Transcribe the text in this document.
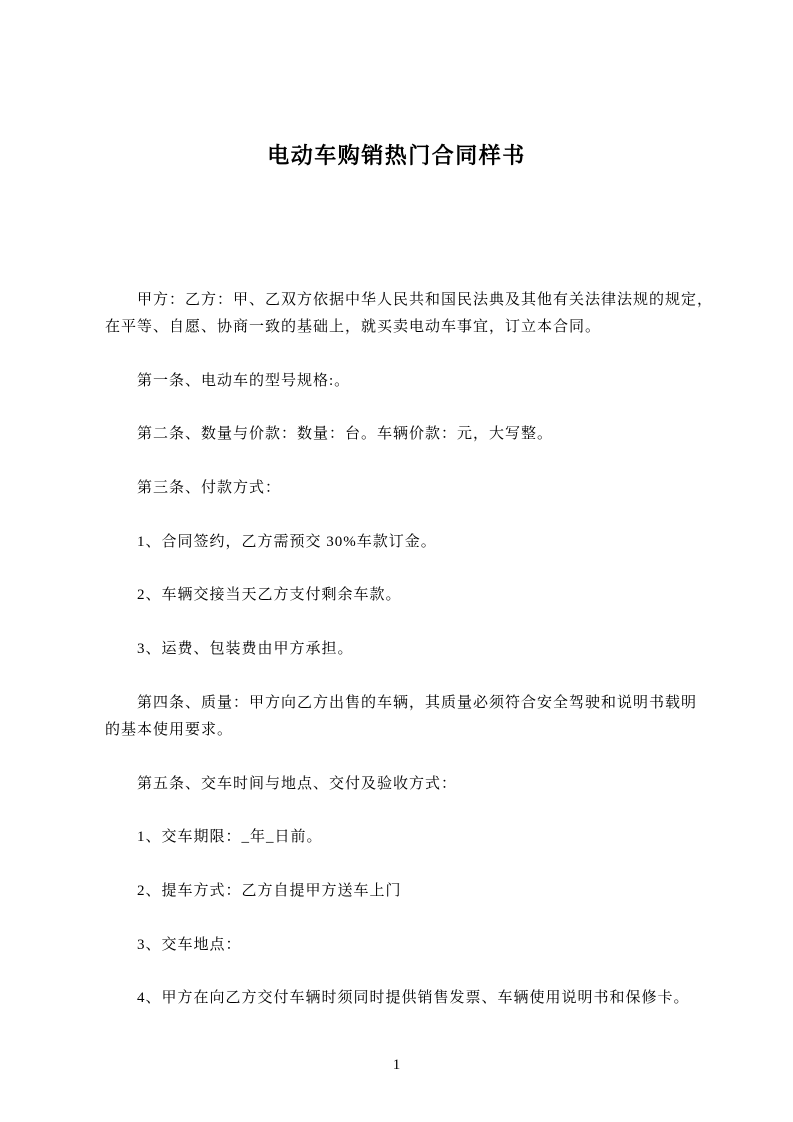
电动车购销热门合同样书

甲方：乙方：甲、乙双方依据中华人民共和国民法典及其他有关法律法规的规定，
在平等、自愿、协商一致的基础上，就买卖电动车事宜，订立本合同。

第一条、电动车的型号规格:。

第二条、数量与价款：数量：台。车辆价款：元，大写整。

第三条、付款方式：

1、合同签约，乙方需预交 30%车款订金。

2、车辆交接当天乙方支付剩余车款。

3、运费、包装费由甲方承担。

第四条、质量：甲方向乙方出售的车辆，其质量必须符合安全驾驶和说明书载明
的基本使用要求。

第五条、交车时间与地点、交付及验收方式：

1、交车期限：_年_日前。

2、提车方式：乙方自提甲方送车上门

3、交车地点：

4、甲方在向乙方交付车辆时须同时提供销售发票、车辆使用说明书和保修卡。

1
